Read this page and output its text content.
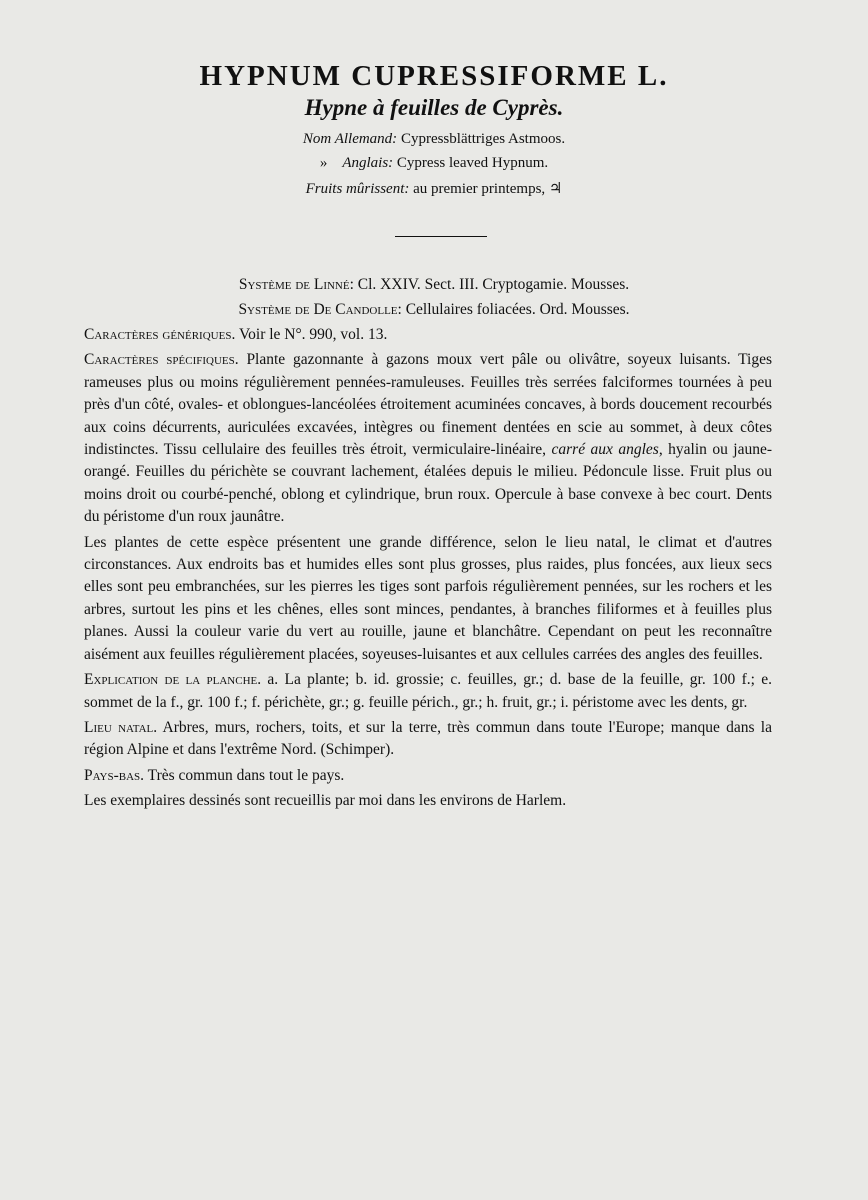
HYPNUM CUPRESSIFORME L.
Hypne à feuilles de Cyprès.
Nom Allemand: Cypressblättriges Astmoos.
» Anglais: Cypress leaved Hypnum.
Fruits mûrissent: au premier printemps, ♃
Système de Linné: Cl. XXIV. Sect. III. Cryptogamie. Mousses.
Système de De Candolle: Cellulaires foliacées. Ord. Mousses.

Caractères génériques. Voir le N°. 990, vol. 13.

Caractères spécifiques. Plante gazonnante à gazons moux vert pâle ou olivâtre, soyeux luisants. Tiges rameuses plus ou moins régulièrement pennées-ramuleuses. Feuilles très serrées falciformes tournées à peu près d'un côté, ovales- et oblongues-lancéolées étroitement acuminées concaves, à bords doucement recourbés aux coins décurrents, auriculées excavées, intègres ou finement dentées en scie au sommet, à deux côtes indistinctes. Tissu cellulaire des feuilles très étroit, vermiculaire-linéaire, carré aux angles, hyalin ou jaune-orangé. Feuilles du périchète se couvrant lachement, étalées depuis le milieu. Pédoncule lisse. Fruit plus ou moins droit ou courbé-penché, oblong et cylindrique, brun roux. Opercule à base convexe à bec court. Dents du péristome d'un roux jaunâtre.

Les plantes de cette espèce présentent une grande différence, selon le lieu natal, le climat et d'autres circonstances. Aux endroits bas et humides elles sont plus grosses, plus raides, plus foncées, aux lieux secs elles sont peu embranchées, sur les pierres les tiges sont parfois régulièrement pennées, sur les rochers et les arbres, surtout les pins et les chênes, elles sont minces, pendantes, à branches filiformes et à feuilles plus planes. Aussi la couleur varie du vert au rouille, jaune et blanchâtre. Cependant on peut les reconnaître aisément aux feuilles régulièrement placées, soyeuses-luisantes et aux cellules carrées des angles des feuilles.

Explication de la planche. a. La plante; b. id. grossie; c. feuilles, gr.; d. base de la feuille, gr. 100 f.; e. sommet de la f., gr. 100 f.; f. périchète, gr.; g. feuille périch., gr.; h. fruit, gr.; i. péristome avec les dents, gr.

Lieu natal. Arbres, murs, rochers, toits, et sur la terre, très commun dans toute l'Europe; manque dans la région Alpine et dans l'extrême Nord. (Schimper).

Pays-bas. Très commun dans tout le pays.

Les exemplaires dessinés sont recueillis par moi dans les environs de Harlem.
